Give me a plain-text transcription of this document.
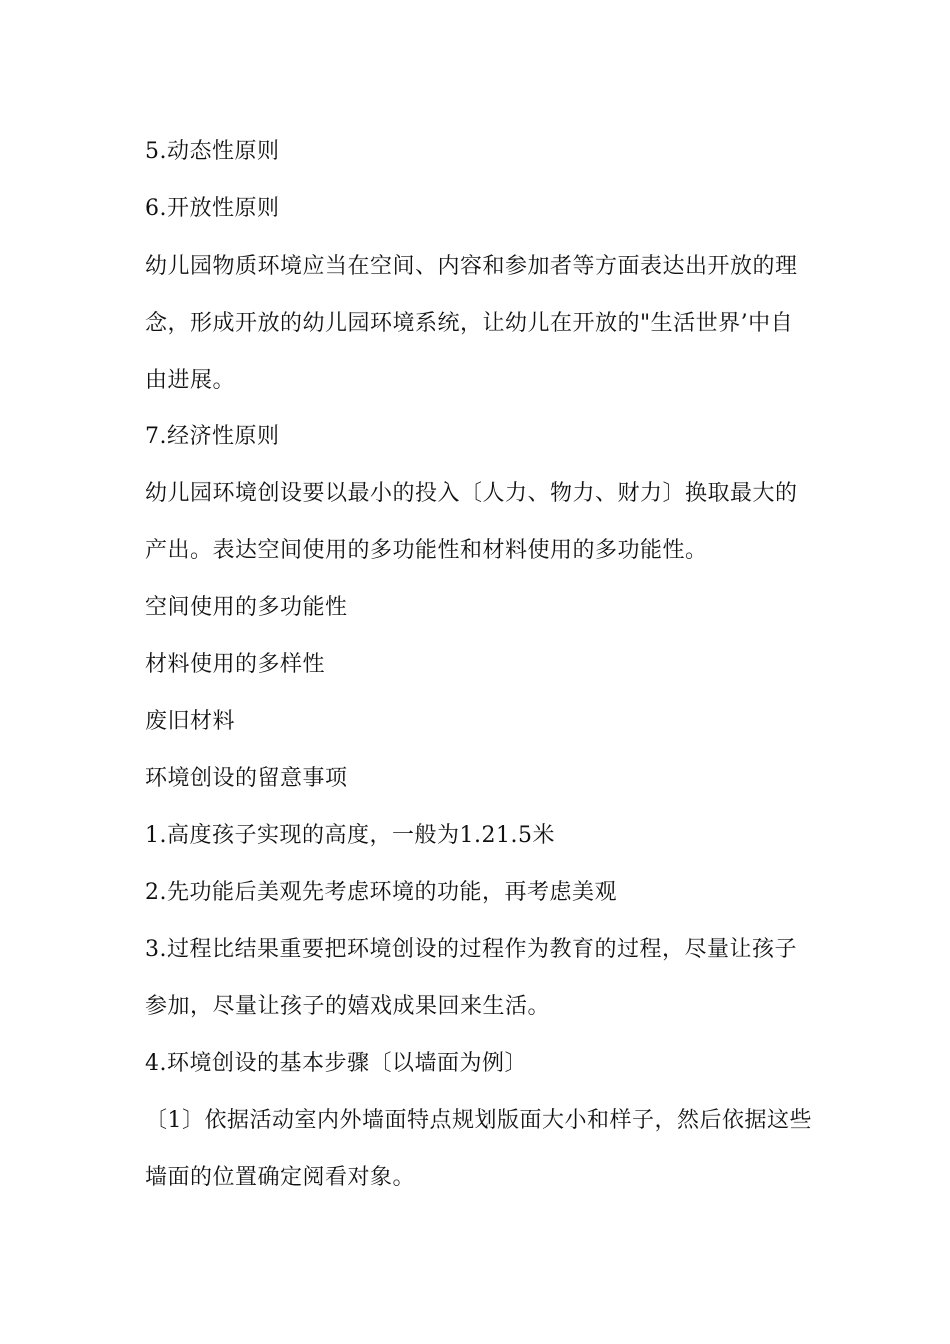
5.动态性原则
6.开放性原则
幼儿园物质环境应当在空间、内容和参加者等方面表达出开放的理
念，形成开放的幼儿园环境系统，让幼儿在开放的"生活世界’中自
由进展。
7.经济性原则
幼儿园环境创设要以最小的投入〔人力、物力、财力〕换取最大的
产出。表达空间使用的多功能性和材料使用的多功能性。
空间使用的多功能性
材料使用的多样性
废旧材料
环境创设的留意事项
1.高度孩子实现的高度，一般为1.21.5米
2.先功能后美观先考虑环境的功能，再考虑美观
3.过程比结果重要把环境创设的过程作为教育的过程，尽量让孩子
参加，尽量让孩子的嬉戏成果回来生活。
4.环境创设的基本步骤〔以墙面为例〕
〔1〕依据活动室内外墙面特点规划版面大小和样子，然后依据这些
墙面的位置确定阅看对象。
